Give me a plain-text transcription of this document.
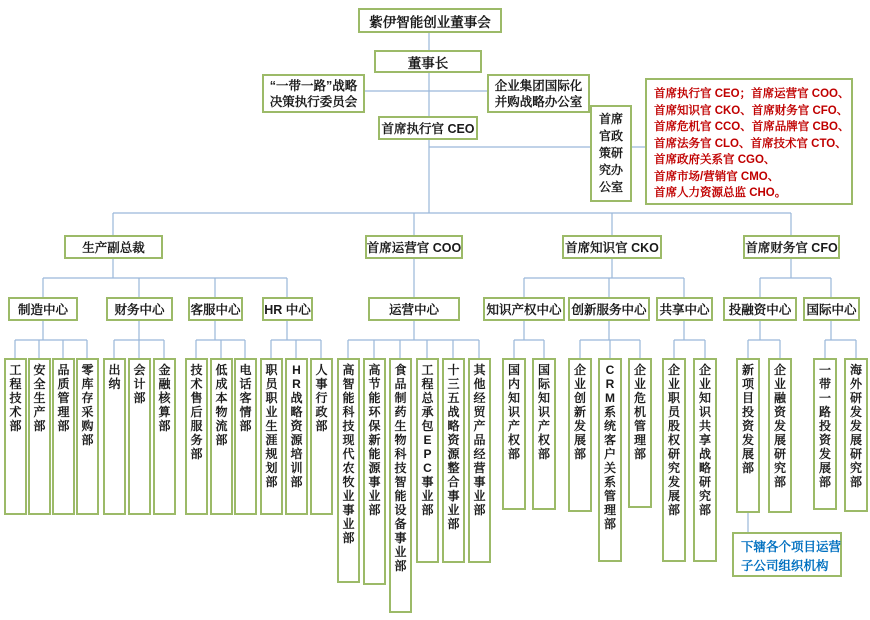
紫伊智能创业董事会
董事长
“一带一路”战略
决策执行委员会
企业集团国际化
并购战略办公室
首席执行官 CEO
首席官政策研究办公室
首席执行官 CEO；首席运营官 COO、
首席知识官 CKO、首席财务官 CFO、
首席危机官 CCO、首席品牌官 CBO、
首席法务官 CLO、首席技术官 CTO、
首席政府关系官 CGO、
首席市场/营销官 CMO、
首席人力资源总监 CHO。
生产副总裁	首席运营官 COO	首席知识官 CKO	首席财务官 CFO
制造中心	财务中心	客服中心 HR 中心	运营中心	知识产权中心 创新服务中心 共享中心	投融资中心	国际中心
工程技术部
安全生产部
品质管理部
零库存采购部
出纳
会计部
金融核算部
技术售后服务部
低成本物流部
电话客情部
职员职业生涯规划部
HR战略资源培训部
人事行政部
高智能科技现代农牧业事业部
高节能环保新能源事业部
食品制药生物科技智能设备事业部
工程总承包EPC事业部
十三五战略资源整合事业部
其他经贸产品经营事业部
国内知识产权部
国际知识产权部
企业创新发展部
CRM系统客户关系管理部
企业危机管理部
企业职员股权研究发展部
企业知识共享战略研究部
新项目投资发展部
企业融资发展研究部
一带一路投资发展部
海外研发发展研究部
下辖各个项目运营
子公司组织机构
